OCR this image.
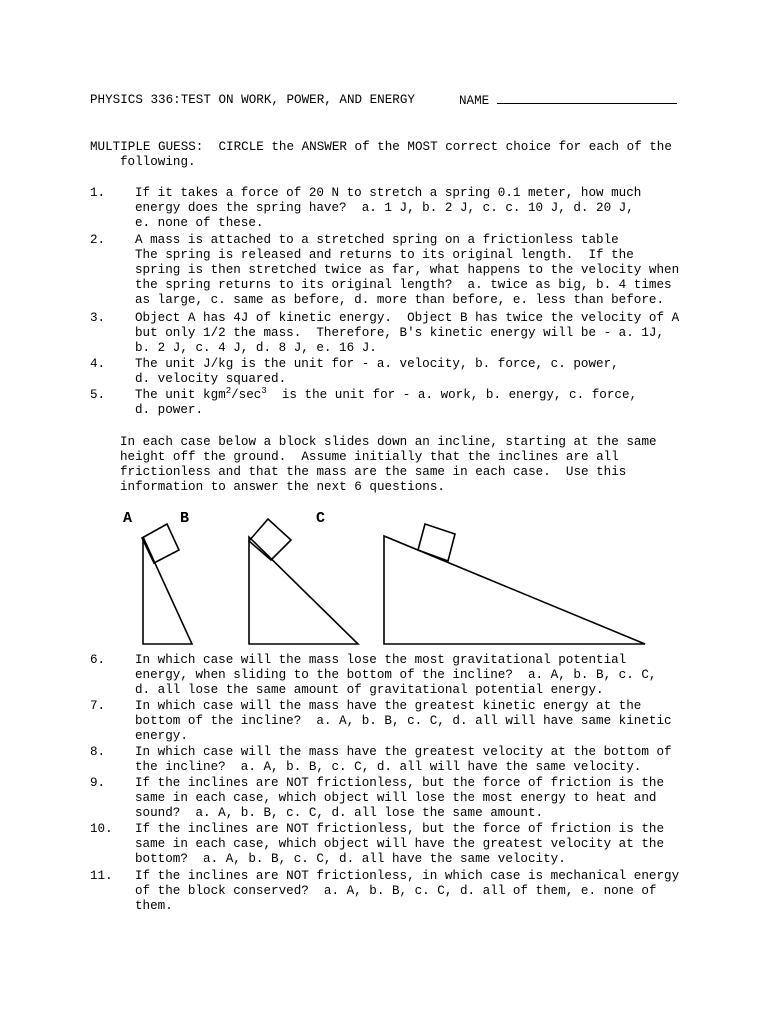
PHYSICS 336:TEST ON WORK, POWER, AND ENERGY	NAME
MULTIPLE GUESS:  CIRCLE the ANSWER of the MOST correct choice for each of the
following.
1. If it takes a force of 20 N to stretch a spring 0.1 meter, how much
energy does the spring have?  a. 1 J, b. 2 J, c. c. 10 J, d. 20 J,
e. none of these.
2. A mass is attached to a stretched spring on a frictionless table
The spring is released and returns to its original length.  If the
spring is then stretched twice as far, what happens to the velocity when
the spring returns to its original length?  a. twice as big, b. 4 times
as large, c. same as before, d. more than before, e. less than before.
3. Object A has 4J of kinetic energy.  Object B has twice the velocity of A
but only 1/2 the mass.  Therefore, B's kinetic energy will be - a. 1J,
b. 2 J, c. 4 J, d. 8 J, e. 16 J.
4. The unit J/kg is the unit for - a. velocity, b. force, c. power,
d. velocity squared.
5. The unit $kgm^2/\sec^3$  is the unit for - a. work, b. energy, c. force,
d. power.
In each case below a block slides down an incline, starting at the same
height off the ground.  Assume initially that the inclines are all
frictionless and that the mass are the same in each case.  Use this
information to answer the next 6 questions.
A	B	C
6. In which case will the mass lose the most gravitational potential
energy, when sliding to the bottom of the incline?  a. A, b. B, c. C,
d. all lose the same amount of gravitational potential energy.
7. In which case will the mass have the greatest kinetic energy at the
bottom of the incline?  a. A, b. B, c. C, d. all will have same kinetic
energy.
8. In which case will the mass have the greatest velocity at the bottom of
the incline?  a. A, b. B, c. C, d. all will have the same velocity.
9. If the inclines are NOT frictionless, but the force of friction is the
same in each case, which object will lose the most energy to heat and
sound?  a. A, b. B, c. C, d. all lose the same amount.
10. If the inclines are NOT frictionless, but the force of friction is the
same in each case, which object will have the greatest velocity at the
bottom?  a. A, b. B, c. C, d. all have the same velocity.
11. If the inclines are NOT frictionless, in which case is mechanical energy
of the block conserved?  a. A, b. B, c. C, d. all of them, e. none of
them.
